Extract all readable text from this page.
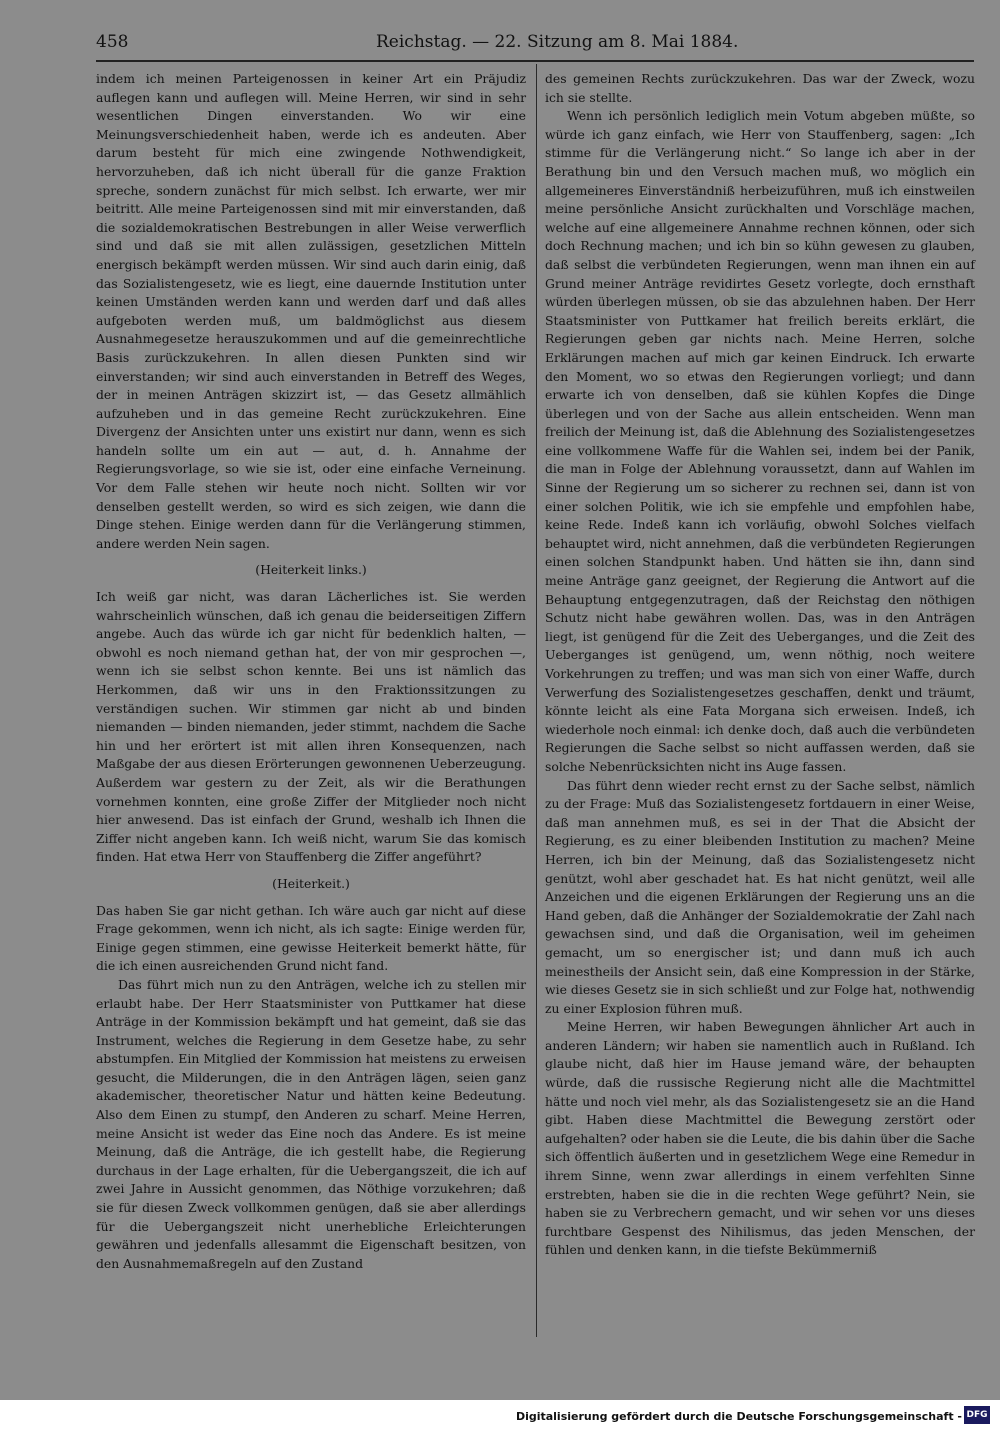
458	Reichstag. — 22. Sitzung am 8. Mai 1884.

indem ich meinen Parteigenossen in keiner Art ein Präjudiz auflegen kann und auflegen will. Meine Herren, wir sind in sehr wesentlichen Dingen einverstanden. Wo wir eine Meinungsverschiedenheit haben, werde ich es andeuten. Aber darum besteht für mich eine zwingende Nothwendigkeit, hervorzuheben, daß ich nicht überall für die ganze Fraktion spreche, sondern zunächst für mich selbst. Ich erwarte, wer mir beitritt. Alle meine Parteigenossen sind mit mir einverstanden, daß die sozialdemokratischen Bestrebungen in aller Weise verwerflich sind und daß sie mit allen zulässigen, gesetzlichen Mitteln energisch bekämpft werden müssen. Wir sind auch darin einig, daß das Sozialistengesetz, wie es liegt, eine dauernde Institution unter keinen Umständen werden kann und werden darf und daß alles aufgeboten werden muß, um baldmöglichst aus diesem Ausnahmegesetze herauszukommen und auf die gemeinrechtliche Basis zurückzukehren. In allen diesen Punkten sind wir einverstanden; wir sind auch einverstanden in Betreff des Weges, der in meinen Anträgen skizzirt ist, — das Gesetz allmählich aufzuheben und in das gemeine Recht zurückzukehren. Eine Divergenz der Ansichten unter uns existirt nur dann, wenn es sich handeln sollte um ein aut — aut, d. h. Annahme der Regierungsvorlage, so wie sie ist, oder eine einfache Verneinung. Vor dem Falle stehen wir heute noch nicht. Sollten wir vor denselben gestellt werden, so wird es sich zeigen, wie dann die Dinge stehen. Einige werden dann für die Verlängerung stimmen, andere werden Nein sagen.

(Heiterkeit links.)

Ich weiß gar nicht, was daran Lächerliches ist. Sie werden wahrscheinlich wünschen, daß ich genau die beiderseitigen Ziffern angebe. Auch das würde ich gar nicht für bedenklich halten, — obwohl es noch niemand gethan hat, der von mir gesprochen —, wenn ich sie selbst schon kennte. Bei uns ist nämlich das Herkommen, daß wir uns in den Fraktionssitzungen zu verständigen suchen. Wir stimmen gar nicht ab und binden niemanden — binden niemanden, jeder stimmt, nachdem die Sache hin und her erörtert ist mit allen ihren Konsequenzen, nach Maßgabe der aus diesen Erörterungen gewonnenen Ueberzeugung. Außerdem war gestern zu der Zeit, als wir die Berathungen vornehmen konnten, eine große Ziffer der Mitglieder noch nicht hier anwesend. Das ist einfach der Grund, weshalb ich Ihnen die Ziffer nicht angeben kann. Ich weiß nicht, warum Sie das komisch finden. Hat etwa Herr von Stauffenberg die Ziffer angeführt?

(Heiterkeit.)

Das haben Sie gar nicht gethan. Ich wäre auch gar nicht auf diese Frage gekommen, wenn ich nicht, als ich sagte: Einige werden für, Einige gegen stimmen, eine gewisse Heiterkeit bemerkt hätte, für die ich einen ausreichenden Grund nicht fand.

Das führt mich nun zu den Anträgen, welche ich zu stellen mir erlaubt habe. Der Herr Staatsminister von Puttkamer hat diese Anträge in der Kommission bekämpft und hat gemeint, daß sie das Instrument, welches die Regierung in dem Gesetze habe, zu sehr abstumpfen. Ein Mitglied der Kommission hat meistens zu erweisen gesucht, die Milderungen, die in den Anträgen lägen, seien ganz akademischer, theoretischer Natur und hätten keine Bedeutung. Also dem Einen zu stumpf, den Anderen zu scharf. Meine Herren, meine Ansicht ist weder das Eine noch das Andere. Es ist meine Meinung, daß die Anträge, die ich gestellt habe, die Regierung durchaus in der Lage erhalten, für die Uebergangszeit, die ich auf zwei Jahre in Aussicht genommen, das Nöthige vorzukehren; daß sie für diesen Zweck vollkommen genügen, daß sie aber allerdings für die Uebergangszeit nicht unerhebliche Erleichterungen gewähren und jedenfalls allesammt die Eigenschaft besitzen, von den Ausnahmemaßregeln auf den Zustand

des gemeinen Rechts zurückzukehren. Das war der Zweck, wozu ich sie stellte.

Wenn ich persönlich lediglich mein Votum abgeben müßte, so würde ich ganz einfach, wie Herr von Stauffenberg, sagen: „Ich stimme für die Verlängerung nicht.“ So lange ich aber in der Berathung bin und den Versuch machen muß, wo möglich ein allgemeineres Einverständniß herbeizuführen, muß ich einstweilen meine persönliche Ansicht zurückhalten und Vorschläge machen, welche auf eine allgemeinere Annahme rechnen können, oder sich doch Rechnung machen; und ich bin so kühn gewesen zu glauben, daß selbst die verbündeten Regierungen, wenn man ihnen ein auf Grund meiner Anträge revidirtes Gesetz vorlegte, doch ernsthaft würden überlegen müssen, ob sie das abzulehnen haben. Der Herr Staatsminister von Puttkamer hat freilich bereits erklärt, die Regierungen geben gar nichts nach. Meine Herren, solche Erklärungen machen auf mich gar keinen Eindruck. Ich erwarte den Moment, wo so etwas den Regierungen vorliegt; und dann erwarte ich von denselben, daß sie kühlen Kopfes die Dinge überlegen und von der Sache aus allein entscheiden. Wenn man freilich der Meinung ist, daß die Ablehnung des Sozialistengesetzes eine vollkommene Waffe für die Wahlen sei, indem bei der Panik, die man in Folge der Ablehnung voraussetzt, dann auf Wahlen im Sinne der Regierung um so sicherer zu rechnen sei, dann ist von einer solchen Politik, wie ich sie empfehle und empfohlen habe, keine Rede. Indeß kann ich vorläufig, obwohl Solches vielfach behauptet wird, nicht annehmen, daß die verbündeten Regierungen einen solchen Standpunkt haben. Und hätten sie ihn, dann sind meine Anträge ganz geeignet, der Regierung die Antwort auf die Behauptung entgegenzutragen, daß der Reichstag den nöthigen Schutz nicht habe gewähren wollen. Das, was in den Anträgen liegt, ist genügend für die Zeit des Ueberganges, und die Zeit des Ueberganges ist genügend, um, wenn nöthig, noch weitere Vorkehrungen zu treffen; und was man sich von einer Waffe, durch Verwerfung des Sozialistengesetzes geschaffen, denkt und träumt, könnte leicht als eine Fata Morgana sich erweisen. Indeß, ich wiederhole noch einmal: ich denke doch, daß auch die verbündeten Regierungen die Sache selbst so nicht auffassen werden, daß sie solche Nebenrücksichten nicht ins Auge fassen.

Das führt denn wieder recht ernst zu der Sache selbst, nämlich zu der Frage: Muß das Sozialistengesetz fortdauern in einer Weise, daß man annehmen muß, es sei in der That die Absicht der Regierung, es zu einer bleibenden Institution zu machen? Meine Herren, ich bin der Meinung, daß das Sozialistengesetz nicht genützt, wohl aber geschadet hat. Es hat nicht genützt, weil alle Anzeichen und die eigenen Erklärungen der Regierung uns an die Hand geben, daß die Anhänger der Sozialdemokratie der Zahl nach gewachsen sind, und daß die Organisation, weil im geheimen gemacht, um so energischer ist; und dann muß ich auch meinestheils der Ansicht sein, daß eine Kompression in der Stärke, wie dieses Gesetz sie in sich schließt und zur Folge hat, nothwendig zu einer Explosion führen muß.

Meine Herren, wir haben Bewegungen ähnlicher Art auch in anderen Ländern; wir haben sie namentlich auch in Rußland. Ich glaube nicht, daß hier im Hause jemand wäre, der behaupten würde, daß die russische Regierung nicht alle die Machtmittel hätte und noch viel mehr, als das Sozialistengesetz sie an die Hand gibt. Haben diese Machtmittel die Bewegung zerstört oder aufgehalten? oder haben sie die Leute, die bis dahin über die Sache sich öffentlich äußerten und in gesetzlichem Wege eine Remedur in ihrem Sinne, wenn zwar allerdings in einem verfehlten Sinne erstrebten, haben sie die in die rechten Wege geführt? Nein, sie haben sie zu Verbrechern gemacht, und wir sehen vor uns dieses furchtbare Gespenst des Nihilismus, das jeden Menschen, der fühlen und denken kann, in die tiefste Bekümmerniß

Digitalisierung gefördert durch die Deutsche Forschungsgemeinschaft - DFG
